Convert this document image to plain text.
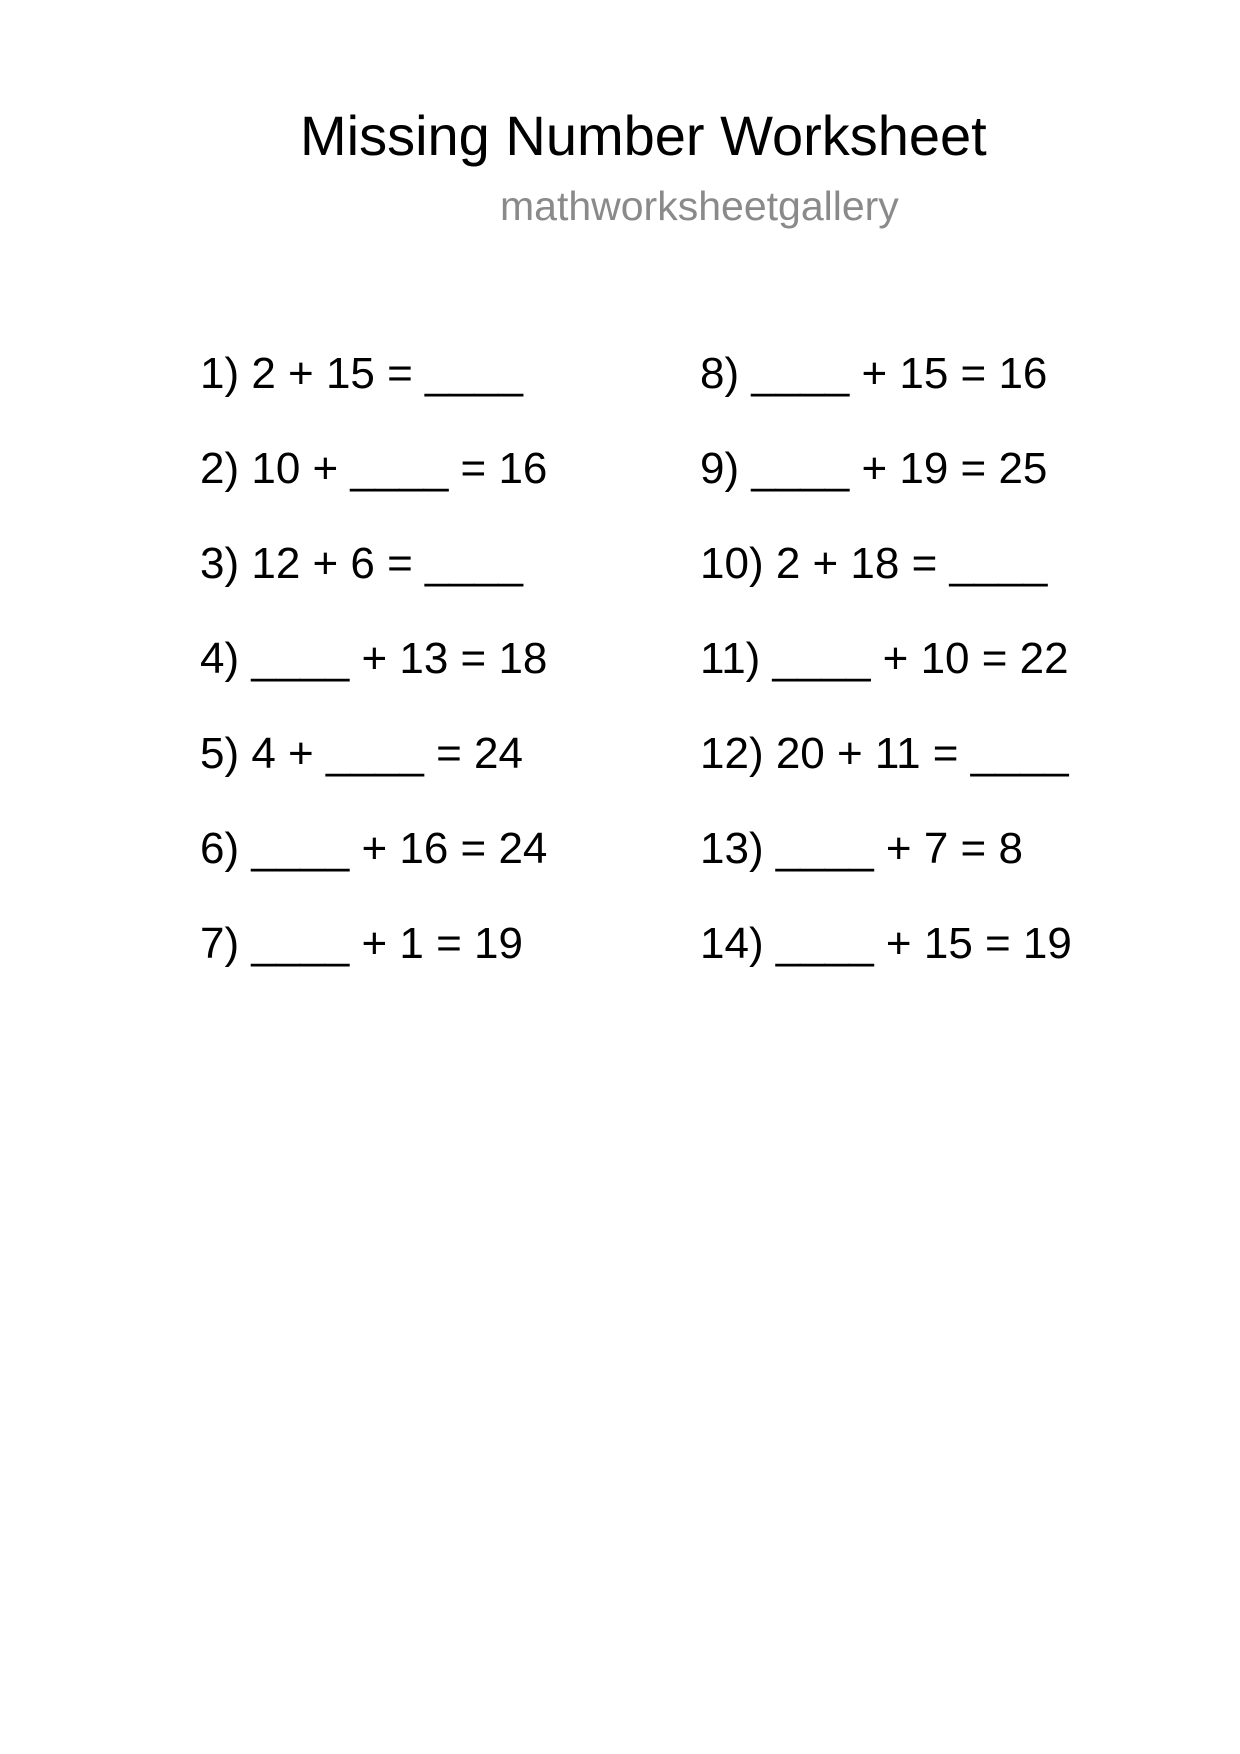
Missing Number Worksheet
mathworksheetgallery
1) 2 + 15 = ____
2) 10 + ____ = 16
3) 12 + 6 = ____
4) ____ + 13 = 18
5) 4 + ____ = 24
6) ____ + 16 = 24
7) ____ + 1 = 19
8) ____ + 15 = 16
9) ____ + 19 = 25
10) 2 + 18 = ____
11) ____ + 10 = 22
12) 20 + 11 = ____
13) ____ + 7 = 8
14) ____ + 15 = 19
